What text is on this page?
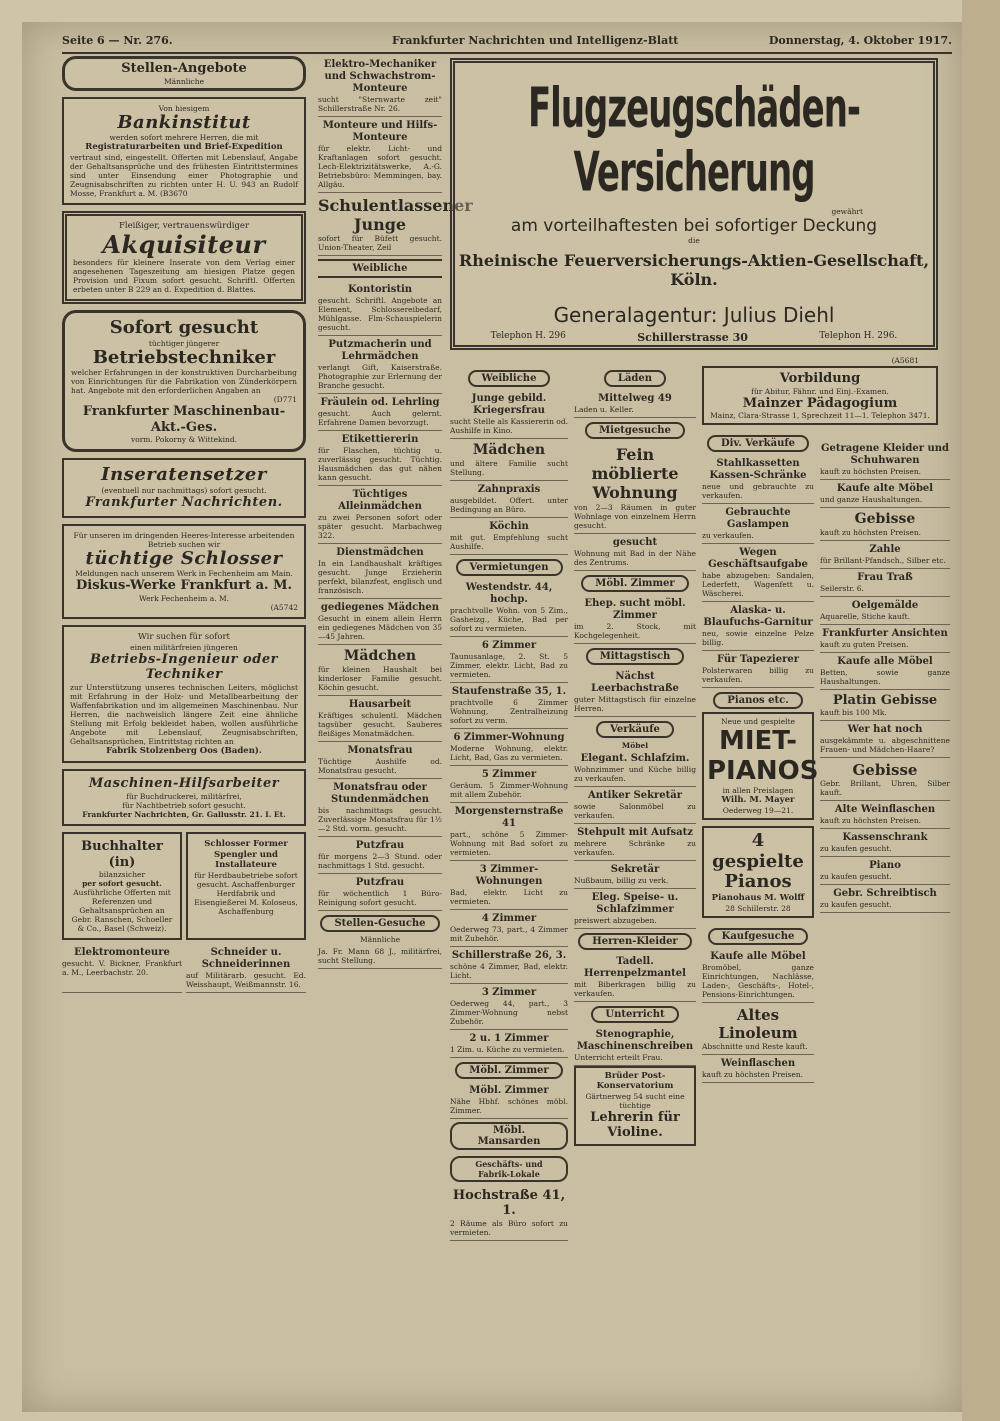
Seite 6 — Nr. 276.	Frankfurter Nachrichten und Intelligenz-Blatt	Donnerstag, 4. Oktober 1917.
Stellen-Angebote
Männliche
Von hiesigem
Bankinstitut
werden sofort mehrere Herren, die mit
Registraturarbeiten und Brief-Expedition
vertraut sind, eingestellt. Offerten mit Lebenslauf, Angabe der Gehaltsansprüche und des frühesten Eintrittstermines sind unter Einsendung einer Photographie und Zeugnisabschriften zu richten unter H. U. 943 an Rudolf Mosse, Frankfurt a. M. (B3670
Fleißiger, vertrauenswürdiger
Akquisiteur
besonders für kleinere Inserate von dem Verlag einer angesehenen Tageszeitung am hiesigen Platze gegen Provision und Fixum sofort gesucht. Schriftl. Offerten erbeten unter B 229 an d. Expedition d. Blattes.
Sofort gesucht
tüchtiger jüngerer
Betriebstechniker
welcher Erfahrungen in der konstruktiven Durcharbeitung von Einrichtungen für die Fabrikation von Zünderkörpern hat. Angebote mit den erforderlichen Angaben an
(D771
Frankfurter Maschinenbau-Akt.-Ges.
vorm. Pokorny & Wittekind.
Inseratensetzer
(eventuell nur nachmittags) sofort gesucht.
Frankfurter Nachrichten.
Für unseren im dringenden Heeres-Interesse arbeitenden Betrieb suchen wir
tüchtige Schlosser
Meldungen nach unserem Werk in Fechenheim am Main.
Diskus-Werke Frankfurt a. M.
Werk Fechenheim a. M.
(A5742
Wir suchen für sofort
einen militärfreien jüngeren
Betriebs-Ingenieur oder Techniker
zur Unterstützung unseres technischen Leiters, möglichst mit Erfahrung in der Holz- und Metallbearbeitung der Waffenfabrikation und im allgemeinen Maschinenbau. Nur Herren, die nachweislich längere Zeit eine ähnliche Stellung mit Erfolg bekleidet haben, wollen ausführliche Angebote mit Lebenslauf, Zeugnisabschriften, Gehaltsansprüchen, Eintrittstag richten an
Fabrik Stolzenberg Oos (Baden).
Maschinen-Hilfsarbeiter
für Buchdruckerei, militärfrei,
für Nachtbetrieb sofort gesucht.
Frankfurter Nachrichten, Gr. Gallusstr. 21. I. Et.
Buchhalter (in)
bilanzsicher
per sofort gesucht.
Ausführliche Offerten mit Referenzen und Gehaltsansprüchen an Gebr. Ranschen, Schoeller & Co., Basel (Schweiz).
Schlosser Former Spengler und Installateure
für Herdbaubetriebe sofort gesucht. Aschaffenburger Herdfabrik und Eisengießerei M. Koloseus, Aschaffenburg
Elektromonteure
gesucht. V. Bickner, Frankfurt a. M., Leerbachstr. 20.
Schneider u. Schneiderinnen
auf Militärarb. gesucht. Ed. Weisshaupt, Weißmannstr. 16.
Elektro-Mechaniker und Schwachstrom-Monteure
sucht "Sternwarte zeit" Schillerstraße Nr. 26.
Monteure und Hilfs-Monteure
für elektr. Licht- und Kraftanlagen sofort gesucht. Lech-Elektrizitätswerke, A.-G. Betriebsbüro: Memmingen, bay. Allgäu.
Schulentlassener Junge
sofort für Büfett gesucht. Union-Theater, Zeil
Weibliche
Kontoristin
gesucht. Schriftl. Angebote an Element, Schlossereibedarf, Mühlgasse. Flm-Schauspielerin gesucht.
Putzmacherin und Lehrmädchen
verlangt Gift, Kaiserstraße. Photographie zur Erlernung der Branche gesucht.
Fräulein od. Lehrling
gesucht. Auch gelernt. Erfahrene Damen bevorzugt.
Etikettiererin
für Flaschen, tüchtig u. zuverlässig gesucht. Tüchtig. Hausmädchen das gut nähen kann gesucht.
Tüchtiges Alleinmädchen
zu zwei Personen sofort oder später gesucht. Marbachweg 322.
Dienstmädchen
In ein Landhaushalt kräftiges gesucht. Junge Erzieherin perfekt, bilanzfest, englisch und französisch.
gediegenes Mädchen
Gesucht in einem allein Herrn ein gediegenes Mädchen von 35—45 Jahren.
Mädchen
für kleinen Haushalt bei kinderloser Familie gesucht. Köchin gesucht.
Hausarbeit
Kräftiges schulentl. Mädchen tagsüber gesucht. Sauberes fleißiges Monatmädchen.
Monatsfrau
Tüchtige Aushilfe od. Monatsfrau gesucht.
Monatsfrau oder Stundenmädchen
bis nachmittags gesucht. Zuverlässige Monatsfrau für 1½—2 Std. vorm. gesucht.
Putzfrau
für morgens 2—3 Stund. oder nachmittags 1 Std. gesucht.
Putzfrau
für wöchentlich 1 Büro-Reinigung sofort gesucht.
Stellen-Gesuche
Männliche
Ja. Fr. Mann 68 J., militärfrei, sucht Stellung.
Flugzeugschäden-Versicherung
gewährt
am vorteilhaftesten bei sofortiger Deckung
die
Rheinische Feuerversicherungs-Aktien-Gesellschaft, Köln.
Generalagentur: Julius Diehl
Telephon H. 296	Schillerstrasse 30	Telephon H. 296.
(A5681
Weibliche
Junge gebild. Kriegersfrau
sucht Stelle als Kassiererin od. Aushilfe in Kino.
Mädchen
und ältere Familie sucht Stellung.
Zahnpraxis
ausgebildet. Offert. unter Bedingung an Büro.
Köchin
mit gut. Empfehlung sucht Aushilfe.
Vermietungen
Westendstr. 44, hochp.
prachtvolle Wohn. von 5 Zim., Gasheizg., Küche, Bad per sofort zu vermieten.
6 Zimmer
Taunusanlage, 2. St. 5 Zimmer, elektr. Licht, Bad zu vermieten.
Staufenstraße 35, 1.
prachtvolle 6 Zimmer Wohnung, Zentralheizung sofort zu verm.
6 Zimmer-Wohnung
Moderne Wohnung, elektr. Licht, Bad, Gas zu vermieten.
5 Zimmer
Geräum. 5 Zimmer-Wohnung mit allem Zubehör.
Morgensternstraße 41
part., schöne 5 Zimmer-Wohnung mit Bad sofort zu vermieten.
3 Zimmer-Wohnungen
Bad, elektr. Licht zu vermieten.
4 Zimmer
Oederweg 73, part., 4 Zimmer mit Zubehör.
Schillerstraße 26, 3.
schöne 4 Zimmer, Bad, elektr. Licht.
3 Zimmer
Oederweg 44, part., 3 Zimmer-Wohnung nebst Zubehör.
2 u. 1 Zimmer
1 Zim. u. Küche zu vermieten.
Möbl. Zimmer
Möbl. Zimmer
Nähe Hbhf. schönes möbl. Zimmer.
Möbl. Mansarden
Geschäfts- und Fabrik-Lokale
Hochstraße 41, 1.
2 Räume als Büro sofort zu vermieten.
Läden
Mittelweg 49
Laden u. Keller.
Mietgesuche
Fein möblierte Wohnung
von 2—3 Räumen in guter Wohnlage von einzelnem Herrn gesucht.
gesucht
Wohnung mit Bad in der Nähe des Zentrums.
Möbl. Zimmer
Ehep. sucht möbl. Zimmer
im 2. Stock, mit Kochgelegenheit.
Mittagstisch
Nächst Leerbachstraße
guter Mittagstisch für einzelne Herren.
Verkäufe
Möbel
Elegant. Schlafzim.
Wohnzimmer und Küche billig zu verkaufen.
Antiker Sekretär
sowie Salonmöbel zu verkaufen.
Stehpult mit Aufsatz
mehrere Schränke zu verkaufen.
Sekretär
Nußbaum, billig zu verk.
Eleg. Speise- u. Schlafzimmer
preiswert abzugeben.
Herren-Kleider
Tadell. Herrenpelzmantel
mit Biberkragen billig zu verkaufen.
Unterricht
Stenographie, Maschinenschreiben
Unterricht erteilt Frau.
Brüder Post-Konservatorium
Gärtnerweg 54 sucht eine tüchtige
Lehrerin für Violine.
Vorbildung
für Abitur, Fähnr. und Einj.-Examen.
Mainzer Pädagogium
Mainz, Clara-Strasse 1, Sprechzeit 11—1. Telephon 3471.
Div. Verkäufe
Stahlkassetten Kassen-Schränke
neue und gebrauchte zu verkaufen.
Gebrauchte Gaslampen
zu verkaufen.
Wegen Geschäftsaufgabe
habe abzugeben: Sandalen, Lederfett, Wagenfett u. Wäscherei.
Alaska- u. Blaufuchs-Garnitur
neu, sowie einzelne Pelze billig.
Für Tapezierer
Polsterwaren billig zu verkaufen.
Pianos etc.
Neue und gespielte
MIET-PIANOS
in allen Preislagen
Wilh. M. Mayer
Oederweg 19—21.
4 gespielte Pianos
Pianohaus M. Wolff
28 Schillerstr. 28
Kaufgesuche
Kaufe alle Möbel
Bromöbel, ganze Einrichtungen, Nachlässe, Laden-, Geschäfts-, Hotel-, Pensions-Einrichtungen.
Altes Linoleum
Abschnitte und Reste kauft.
Weinflaschen
kauft zu höchsten Preisen.
Getragene Kleider und Schuhwaren
kauft zu höchsten Preisen.
Kaufe alte Möbel
und ganze Haushaltungen.
Gebisse
kauft zu höchsten Preisen.
Zahle
für Brillant-Pfandsch., Silber etc.
Frau Traß
Seilerstr. 6.
Oelgemälde
Aquarelle, Stiche kauft.
Frankfurter Ansichten
kauft zu guten Preisen.
Kaufe alle Möbel
Betten, sowie ganze Haushaltungen.
Platin Gebisse
kauft bis 100 Mk.
Wer hat noch
ausgekämmte u. abgeschnittene Frauen- und Mädchen-Haare?
Gebisse
Gebr. Brillant, Uhren, Silber kauft.
Alte Weinflaschen
kauft zu höchsten Preisen.
Kassenschrank
zu kaufen gesucht.
Piano
zu kaufen gesucht.
Gebr. Schreibtisch
zu kaufen gesucht.
